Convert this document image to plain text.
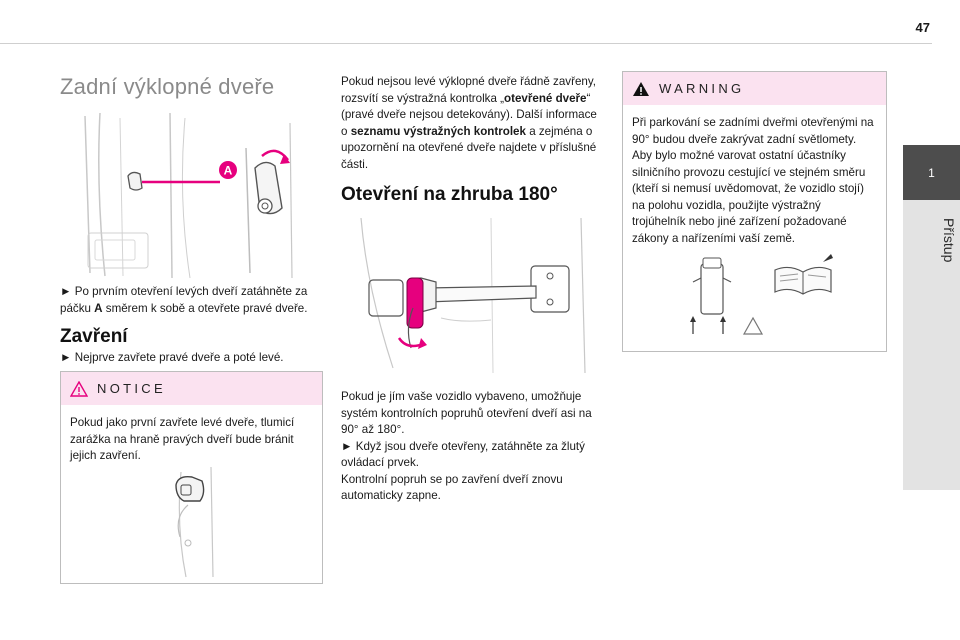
47
1
Přístup
Zadní výklopné dveře
A
► Po prvním otevření levých dveří zatáhněte za páčku A směrem k sobě a otevřete pravé dveře.
Zavření
► Nejprve zavřete pravé dveře a poté levé.
NOTICE
Pokud jako první zavřete levé dveře, tlumicí zarážka na hraně pravých dveří bude bránit jejich zavření.
Pokud nejsou levé výklopné dveře řádně zavřeny, rozsvítí se výstražná kontrolka „otevřené dveře“ (pravé dveře nejsou detekovány). Další informace o seznamu výstražných kontrolek a zejména o upozornění na otevřené dveře najdete v příslušné části.
Otevření na zhruba 180°
Pokud je jím vaše vozidlo vybaveno, umožňuje systém kontrolních popruhů otevření dveří asi na 90° až 180°.
► Když jsou dveře otevřeny, zatáhněte za žlutý ovládací prvek.
Kontrolní popruh se po zavření dveří znovu automaticky zapne.
WARNING
Při parkování se zadními dveřmi otevřenými na 90° budou dveře zakrývat zadní světlomety. Aby bylo možné varovat ostatní účastníky silničního provozu cestující ve stejném směru (kteří si nemusí uvědomovat, že vozidlo stojí) na polohu vozidla, použijte výstražný trojúhelník nebo jiné zařízení požadované zákony a nařízeními vaší země.
